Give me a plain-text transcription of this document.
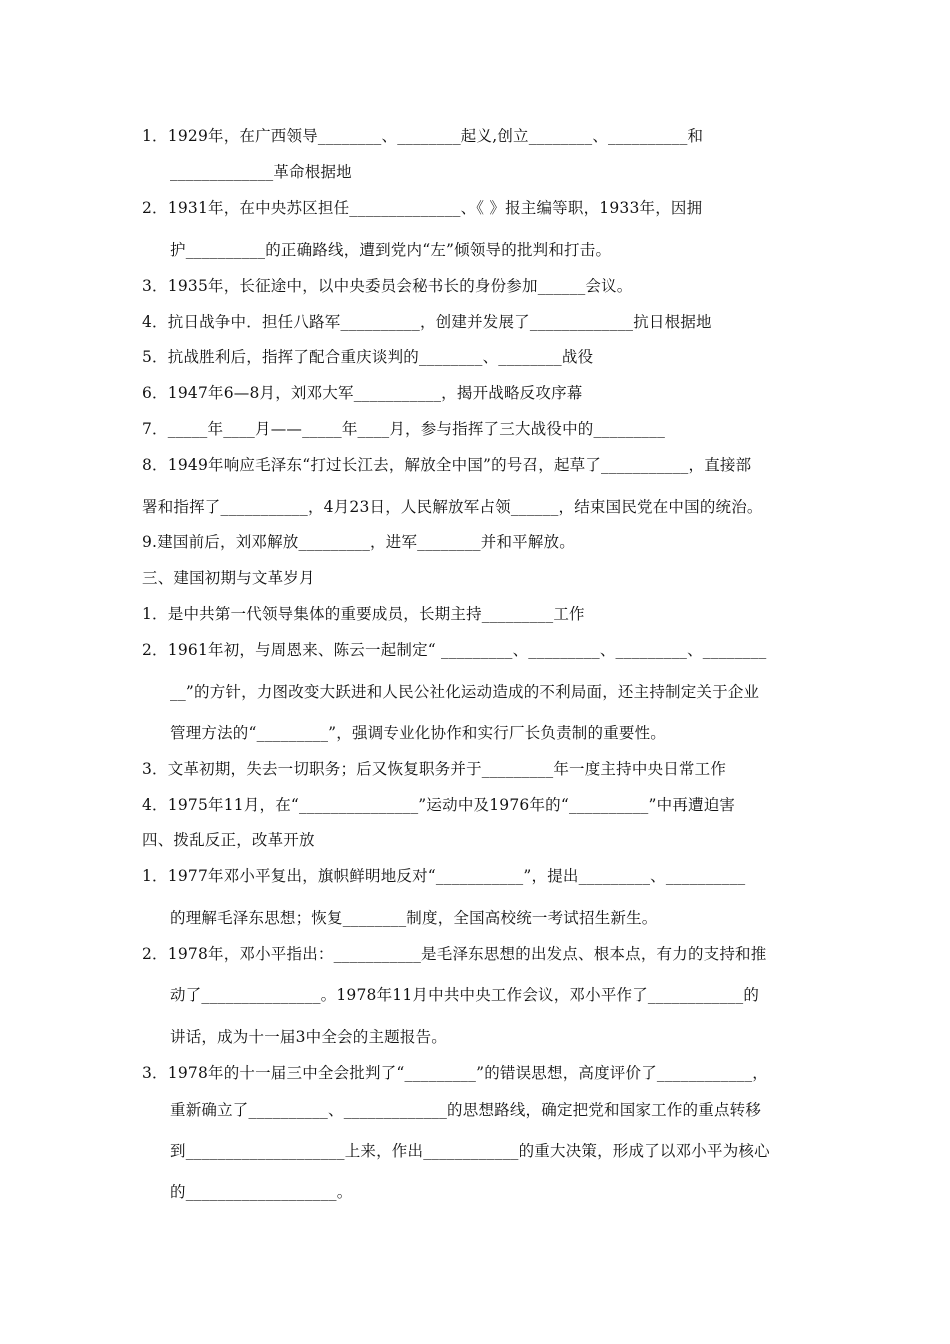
1．1929年，在广西领导________、________起义,创立________、__________和
_____________革命根据地
2．1931年，在中央苏区担任______________、《 》报主编等职，1933年，因拥
护__________的正确路线，遭到党内“左”倾领导的批判和打击。
3．1935年，长征途中，以中央委员会秘书长的身份参加______会议。
4．抗日战争中．担任八路军__________，创建并发展了_____________抗日根据地
5．抗战胜利后，指挥了配合重庆谈判的________、________战役
6．1947年6—8月，刘邓大军___________，揭开战略反攻序幕
7．_____年____月——_____年____月，参与指挥了三大战役中的_________
8．1949年响应毛泽东“打过长江去，解放全中国”的号召，起草了___________，直接部
署和指挥了___________，4月23日，人民解放军占领______，结束国民党在中国的统治。
9.建国前后，刘邓解放_________，进军________并和平解放。
三、建国初期与文革岁月
1．是中共第一代领导集体的重要成员，长期主持_________工作
2．1961年初，与周恩来、陈云一起制定“ _________、_________、_________、________
__”的方针，力图改变大跃进和人民公社化运动造成的不利局面，还主持制定关于企业
管理方法的“_________”，强调专业化协作和实行厂长负责制的重要性。
3．文革初期，失去一切职务；后又恢复职务并于_________年一度主持中央日常工作
4．1975年11月，在“_______________”运动中及1976年的“__________”中再遭迫害
四、拨乱反正，改革开放
1．1977年邓小平复出，旗帜鲜明地反对“___________”，提出_________、__________
的理解毛泽东思想；恢复________制度，全国高校统一考试招生新生。
2．1978年，邓小平指出：___________是毛泽东思想的出发点、根本点，有力的支持和推
动了_______________。1978年11月中共中央工作会议，邓小平作了____________的
讲话，成为十一届3中全会的主题报告。
3．1978年的十一届三中全会批判了“_________”的错误思想，高度评价了____________，
重新确立了__________、_____________的思想路线，确定把党和国家工作的重点转移
到____________________上来，作出____________的重大决策，形成了以邓小平为核心
的___________________。
